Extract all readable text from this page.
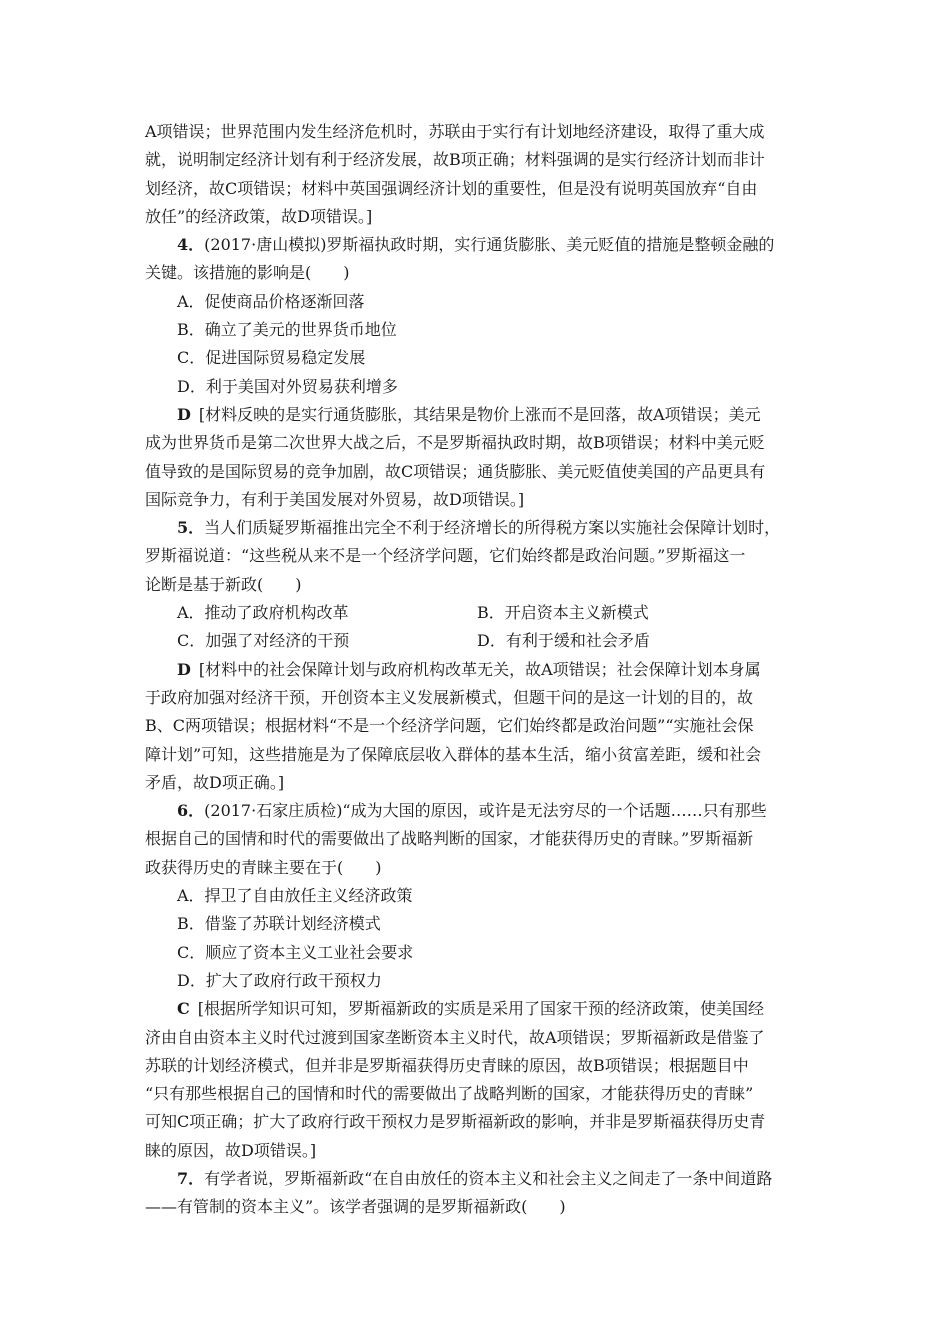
A项错误；世界范围内发生经济危机时，苏联由于实行有计划地经济建设，取得了重大成

就，说明制定经济计划有利于经济发展，故B项正确；材料强调的是实行经济计划而非计

划经济，故C项错误；材料中英国强调经济计划的重要性，但是没有说明英国放弃“自由

放任”的经济政策，故D项错误。]

4．(2017·唐山模拟)罗斯福执政时期，实行通货膨胀、美元贬值的措施是整顿金融的

关键。该措施的影响是(　　)

A．促使商品价格逐渐回落

B．确立了美元的世界货币地位

C．促进国际贸易稳定发展

D．利于美国对外贸易获利增多

D [材料反映的是实行通货膨胀，其结果是物价上涨而不是回落，故A项错误；美元

成为世界货币是第二次世界大战之后，不是罗斯福执政时期，故B项错误；材料中美元贬

值导致的是国际贸易的竞争加剧，故C项错误；通货膨胀、美元贬值使美国的产品更具有

国际竞争力，有利于美国发展对外贸易，故D项错误。]

5．当人们质疑罗斯福推出完全不利于经济增长的所得税方案以实施社会保障计划时，

罗斯福说道：“这些税从来不是一个经济学问题，它们始终都是政治问题。”罗斯福这一

论断是基于新政(　　)

A．推动了政府机构改革	B．开启资本主义新模式
C．加强了对经济的干预	D．有利于缓和社会矛盾

D [材料中的社会保障计划与政府机构改革无关，故A项错误；社会保障计划本身属

于政府加强对经济干预，开创资本主义发展新模式，但题干问的是这一计划的目的，故

B、C两项错误；根据材料“不是一个经济学问题，它们始终都是政治问题”“实施社会保

障计划”可知，这些措施是为了保障底层收入群体的基本生活，缩小贫富差距，缓和社会

矛盾，故D项正确。]

6．(2017·石家庄质检)“成为大国的原因，或许是无法穷尽的一个话题……只有那些

根据自己的国情和时代的需要做出了战略判断的国家，才能获得历史的青睐。”罗斯福新

政获得历史的青睐主要在于(　　)

A．捍卫了自由放任主义经济政策

B．借鉴了苏联计划经济模式

C．顺应了资本主义工业社会要求

D．扩大了政府行政干预权力

C [根据所学知识可知，罗斯福新政的实质是采用了国家干预的经济政策，使美国经

济由自由资本主义时代过渡到国家垄断资本主义时代，故A项错误；罗斯福新政是借鉴了

苏联的计划经济模式，但并非是罗斯福获得历史青睐的原因，故B项错误；根据题目中

“只有那些根据自己的国情和时代的需要做出了战略判断的国家，才能获得历史的青睐”

可知C项正确；扩大了政府行政干预权力是罗斯福新政的影响，并非是罗斯福获得历史青

睐的原因，故D项错误。]

7．有学者说，罗斯福新政“在自由放任的资本主义和社会主义之间走了一条中间道路

——有管制的资本主义”。该学者强调的是罗斯福新政(　　)
